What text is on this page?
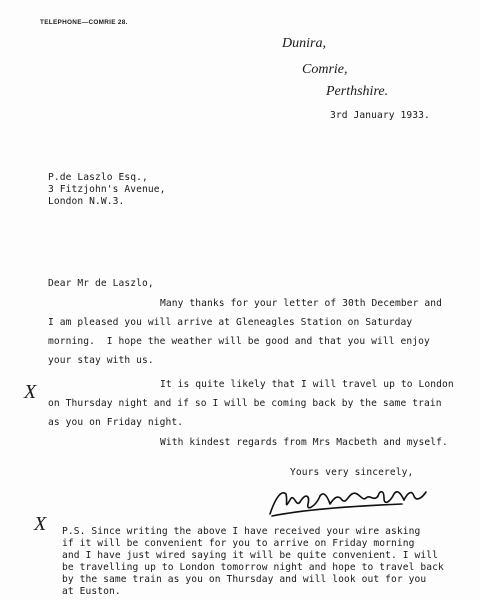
TELEPHONE—COMRIE 28.
Dunira,
Comrie,
Perthshire.
3rd January 1933.
P.de Laszlo Esq.,
3 Fitzjohn's Avenue,
London N.W.3.
Dear Mr de Laszlo,
Many thanks for your letter of 30th December and
I am pleased you will arrive at Gleneagles Station on Saturday
morning.  I hope the weather will be good and that you will enjoy
your stay with us.
It is quite likely that I will travel up to London
on Thursday night and if so I will be coming back by the same train
as you on Friday night.
With kindest regards from Mrs Macbeth and myself.
Yours very sincerely,
P.S. Since writing the above I have received your wire asking
if it will be convenient for you to arrive on Friday morning
and I have just wired saying it will be quite convenient. I will
be travelling up to London tomorrow night and hope to travel back
by the same train as you on Thursday and will look out for you
at Euston.
X
X
